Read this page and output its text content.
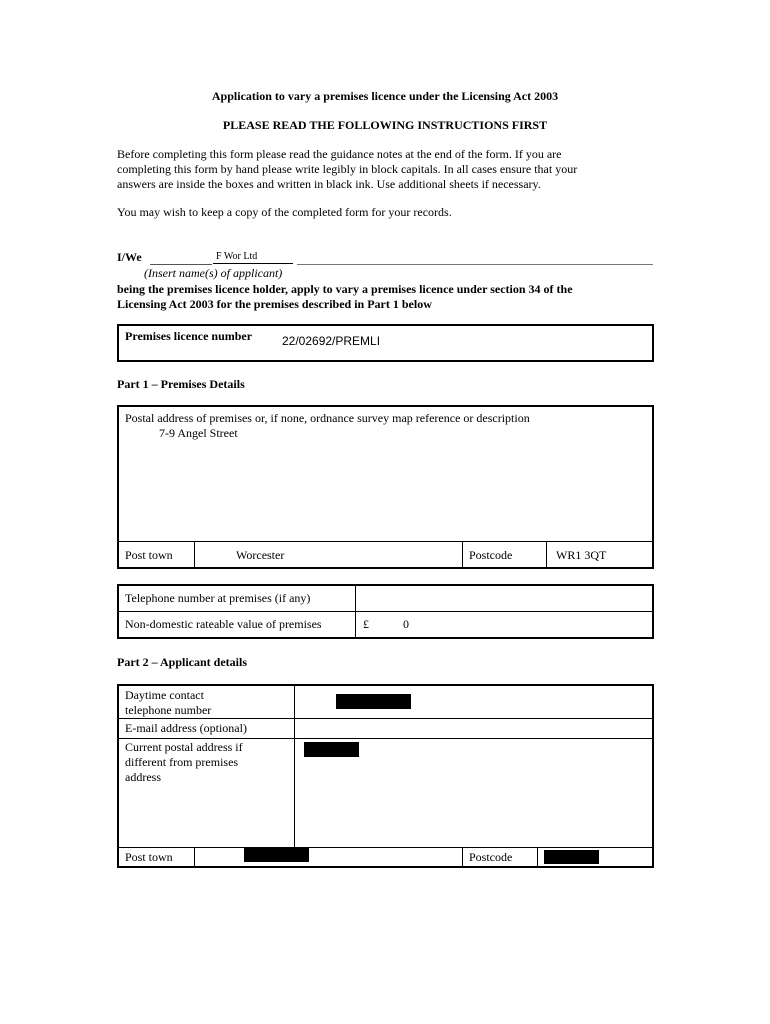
Application to vary a premises licence under the Licensing Act 2003
PLEASE READ THE FOLLOWING INSTRUCTIONS FIRST
Before completing this form please read the guidance notes at the end of the form. If you are
completing this form by hand please write legibly in block capitals. In all cases ensure that your
answers are inside the boxes and written in black ink. Use additional sheets if necessary.
You may wish to keep a copy of the completed form for your records.
I/We	F Wor Ltd
(Insert name(s) of applicant)
being the premises licence holder, apply to vary a premises licence under section 34 of the
Licensing Act 2003 for the premises described in Part 1 below
Premises licence number 22/02692/PREMLI
Part 1 – Premises Details
Postal address of premises or, if none, ordnance survey map reference or description
7-9 Angel Street
Post town	Worcester	Postcode	WR1 3QT
Telephone number at premises (if any)
Non-domestic rateable value of premises	£	0
Part 2 – Applicant details
Daytime contact
telephone number
E-mail address (optional)
Current postal address if
different from premises
address
Post town	Postcode
